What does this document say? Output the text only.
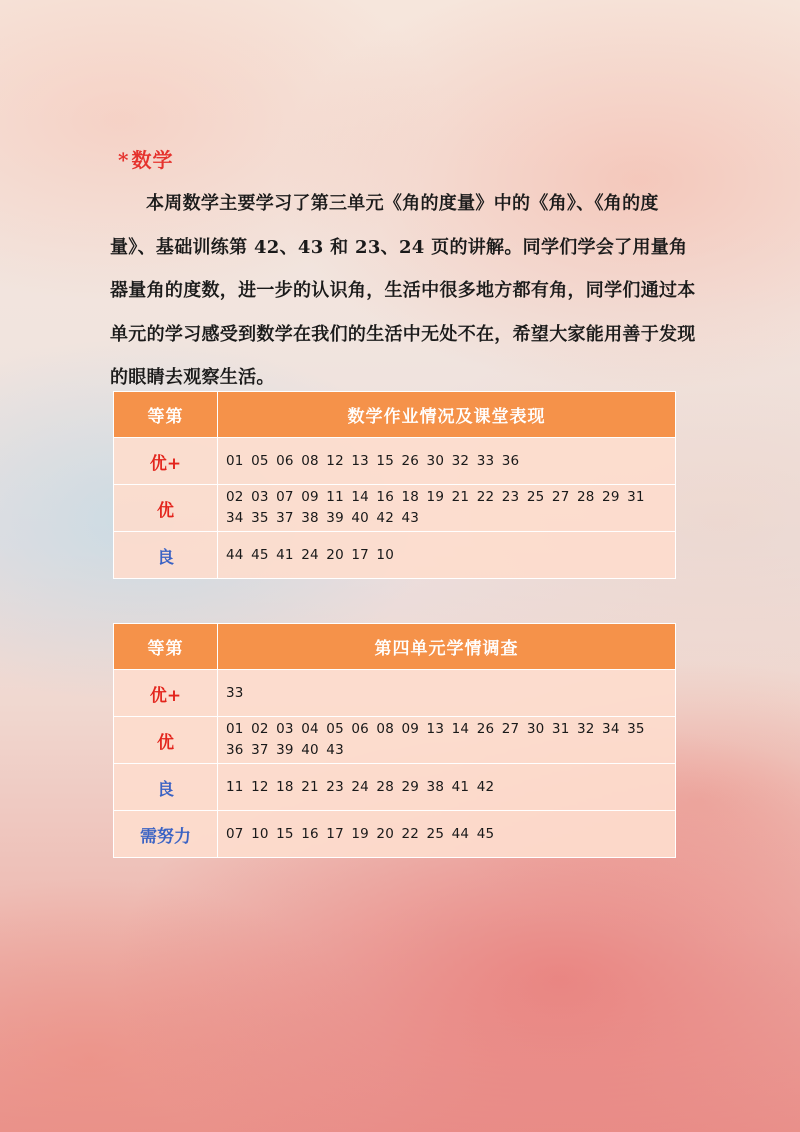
* 数学
本周数学主要学习了第三单元《角的度量》中的《角》、《角的度量》、基础训练第 42、43 和 23、24 页的讲解。同学们学会了用量角器量角的度数，进一步的认识角，生活中很多地方都有角，同学们通过本单元的学习感受到数学在我们的生活中无处不在，希望大家能用善于发现的眼睛去观察生活。
等第	数学作业情况及课堂表现
优+	01 05 06 08 12 13 15 26 30 32 33 36
优	02 03 07 09 11 14 16 18 19 21 22 23 25 27 28 29 31 34 35 37 38 39 40 42 43
良	44 45 41 24 20 17 10
等第	第四单元学情调查
优+	33
优	01 02 03 04 05 06 08 09 13 14 26 27 30 31 32 34 35 36 37 39 40 43
良	11 12 18 21 23 24 28 29 38 41 42
需努力	07 10 15 16 17 19 20 22 25 44 45
